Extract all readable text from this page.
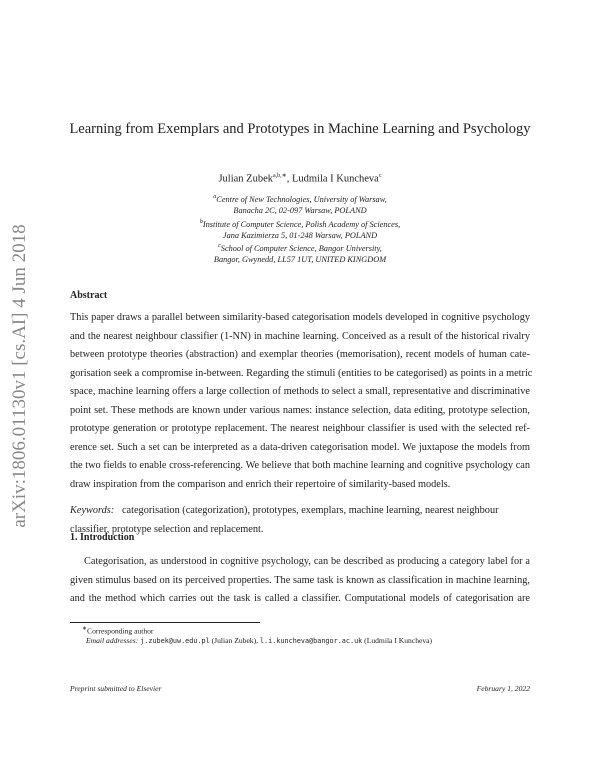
arXiv:1806.01130v1 [cs.AI] 4 Jun 2018
Learning from Exemplars and Prototypes in Machine Learning and Psychology
Julian Zubek$^{a,b,∗}$, Ludmila I Kuncheva$^c$
$^a$Centre of New Technologies, University of Warsaw,
Banacha 2C, 02-097 Warsaw, POLAND
$^b$Institute of Computer Science, Polish Academy of Sciences,
Jana Kazimierza 5, 01-248 Warsaw, POLAND
$^c$School of Computer Science, Bangor University,
Bangor, Gwynedd, LL57 1UT, UNITED KINGDOM
Abstract
This paper draws a parallel between similarity-based categorisation models developed in cognitive psychology
and the nearest neighbour classifier (1-NN) in machine learning. Conceived as a result of the historical rivalry
between prototype theories (abstraction) and exemplar theories (memorisation), recent models of human cate-
gorisation seek a compromise in-between. Regarding the stimuli (entities to be categorised) as points in a metric
space, machine learning offers a large collection of methods to select a small, representative and discriminative
point set. These methods are known under various names: instance selection, data editing, prototype selection,
prototype generation or prototype replacement. The nearest neighbour classifier is used with the selected ref-
erence set. Such a set can be interpreted as a data-driven categorisation model. We juxtapose the models from
the two fields to enable cross-referencing. We believe that both machine learning and cognitive psychology can
draw inspiration from the comparison and enrich their repertoire of similarity-based models.
Keywords: categorisation (categorization), prototypes, exemplars, machine learning, nearest neighbour
classifier, prototype selection and replacement.
1. Introduction
Categorisation, as understood in cognitive psychology, can be described as producing a category label for a
given stimulus based on its perceived properties. The same task is known as classification in machine learning,
and the method which carries out the task is called a classifier. Computational models of categorisation are
∗Corresponding author
Email addresses: j.zubek@uw.edu.pl (Julian Zubek), l.i.kuncheva@bangor.ac.uk (Ludmila I Kuncheva)
Preprint submitted to Elsevier	February 1, 2022
